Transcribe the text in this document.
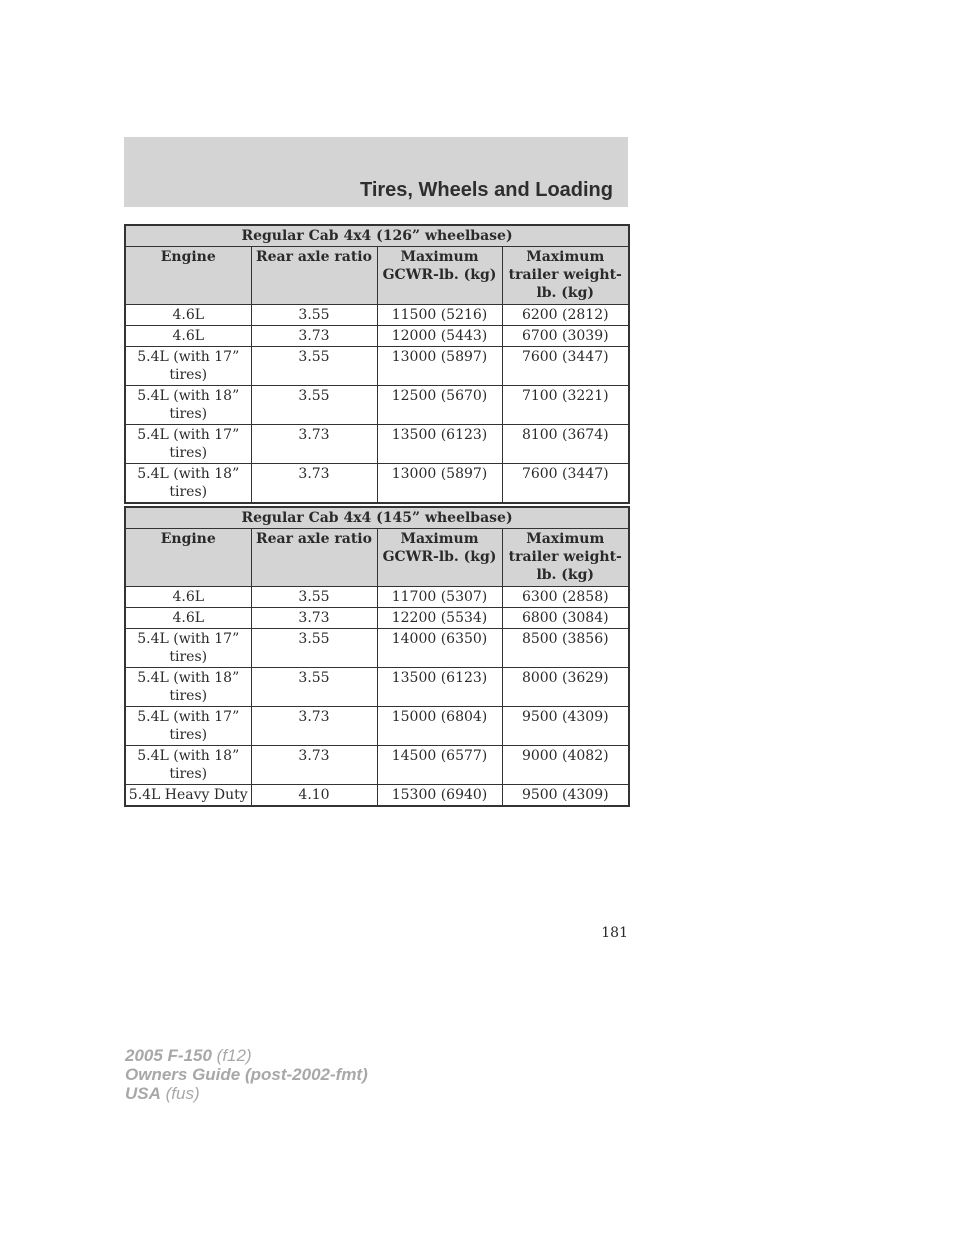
Tires, Wheels and Loading
Regular Cab 4x4 (126” wheelbase)			
Engine	Rear axle ratio	Maximum GCWR-lb. (kg)	Maximum trailer weight-lb. (kg)
4.6L	3.55	11500 (5216)	6200 (2812)
4.6L	3.73	12000 (5443)	6700 (3039)
5.4L (with 17” tires)	3.55	13000 (5897)	7600 (3447)
5.4L (with 18” tires)	3.55	12500 (5670)	7100 (3221)
5.4L (with 17” tires)	3.73	13500 (6123)	8100 (3674)
5.4L (with 18” tires)	3.73	13000 (5897)	7600 (3447)
Regular Cab 4x4 (145” wheelbase)			
Engine	Rear axle ratio	Maximum GCWR-lb. (kg)	Maximum trailer weight-lb. (kg)
4.6L	3.55	11700 (5307)	6300 (2858)
4.6L	3.73	12200 (5534)	6800 (3084)
5.4L (with 17” tires)	3.55	14000 (6350)	8500 (3856)
5.4L (with 18” tires)	3.55	13500 (6123)	8000 (3629)
5.4L (with 17” tires)	3.73	15000 (6804)	9500 (4309)
5.4L (with 18” tires)	3.73	14500 (6577)	9000 (4082)
5.4L Heavy Duty	4.10	15300 (6940)	9500 (4309)
181
2005 F-150 (f12)
Owners Guide (post-2002-fmt)
USA (fus)
